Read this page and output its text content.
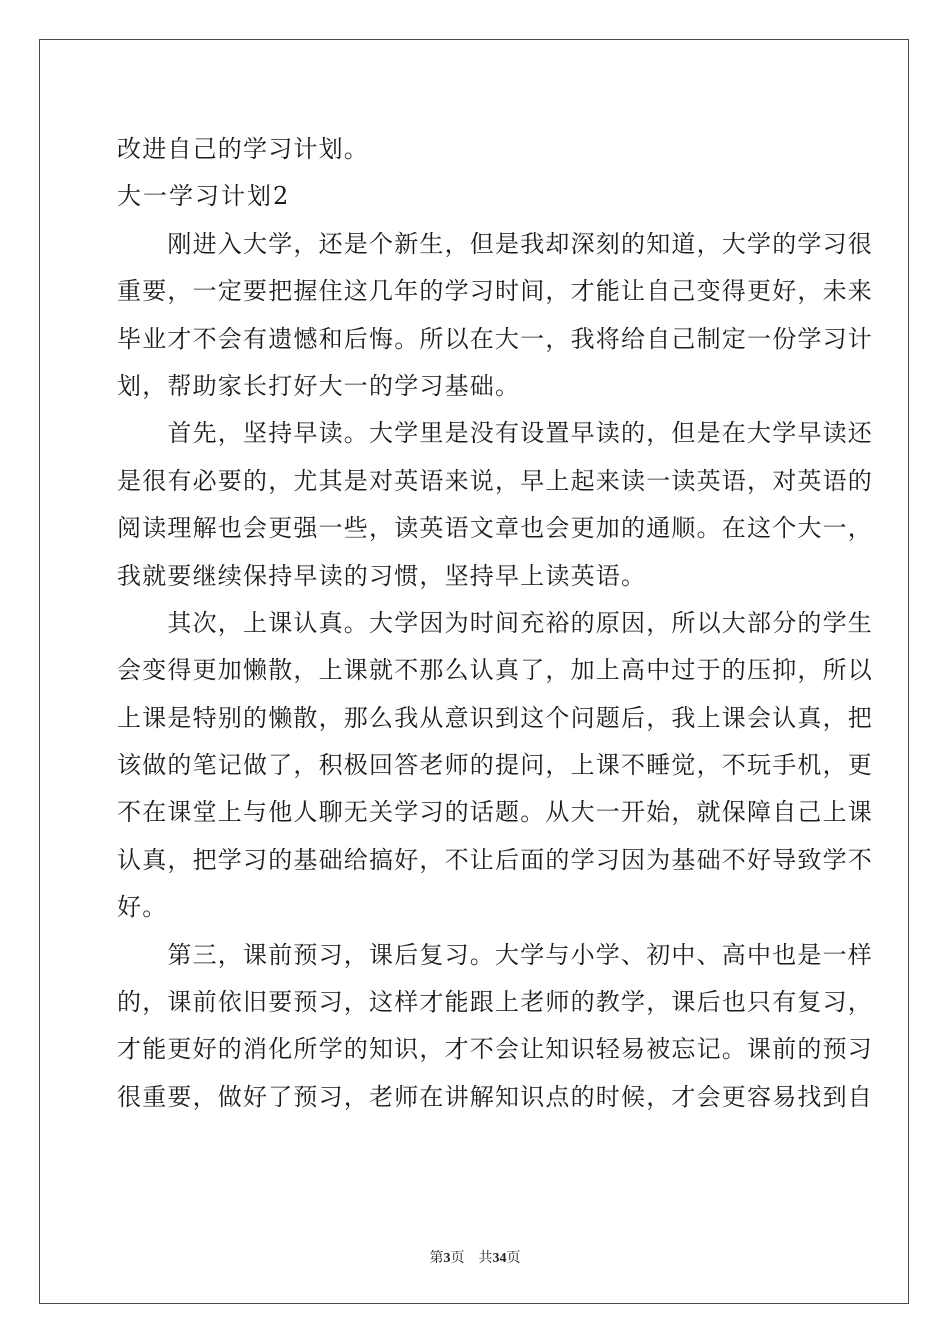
改进自己的学习计划。

大一学习计划2

　　刚进入大学，还是个新生，但是我却深刻的知道，大学的学习很

重要，一定要把握住这几年的学习时间，才能让自己变得更好，未来

毕业才不会有遗憾和后悔。所以在大一，我将给自己制定一份学习计

划，帮助家长打好大一的学习基础。

　　首先，坚持早读。大学里是没有设置早读的，但是在大学早读还

是很有必要的，尤其是对英语来说，早上起来读一读英语，对英语的

阅读理解也会更强一些，读英语文章也会更加的通顺。在这个大一，

我就要继续保持早读的习惯，坚持早上读英语。

　　其次，上课认真。大学因为时间充裕的原因，所以大部分的学生

会变得更加懒散，上课就不那么认真了，加上高中过于的压抑，所以

上课是特别的懒散，那么我从意识到这个问题后，我上课会认真，把

该做的笔记做了，积极回答老师的提问，上课不睡觉，不玩手机，更

不在课堂上与他人聊无关学习的话题。从大一开始，就保障自己上课

认真，把学习的基础给搞好，不让后面的学习因为基础不好导致学不

好。

　　第三，课前预习，课后复习。大学与小学、初中、高中也是一样

的，课前依旧要预习，这样才能跟上老师的教学，课后也只有复习，

才能更好的消化所学的知识，才不会让知识轻易被忘记。课前的预习

很重要，做好了预习，老师在讲解知识点的时候，才会更容易找到自

第3页 共34页
